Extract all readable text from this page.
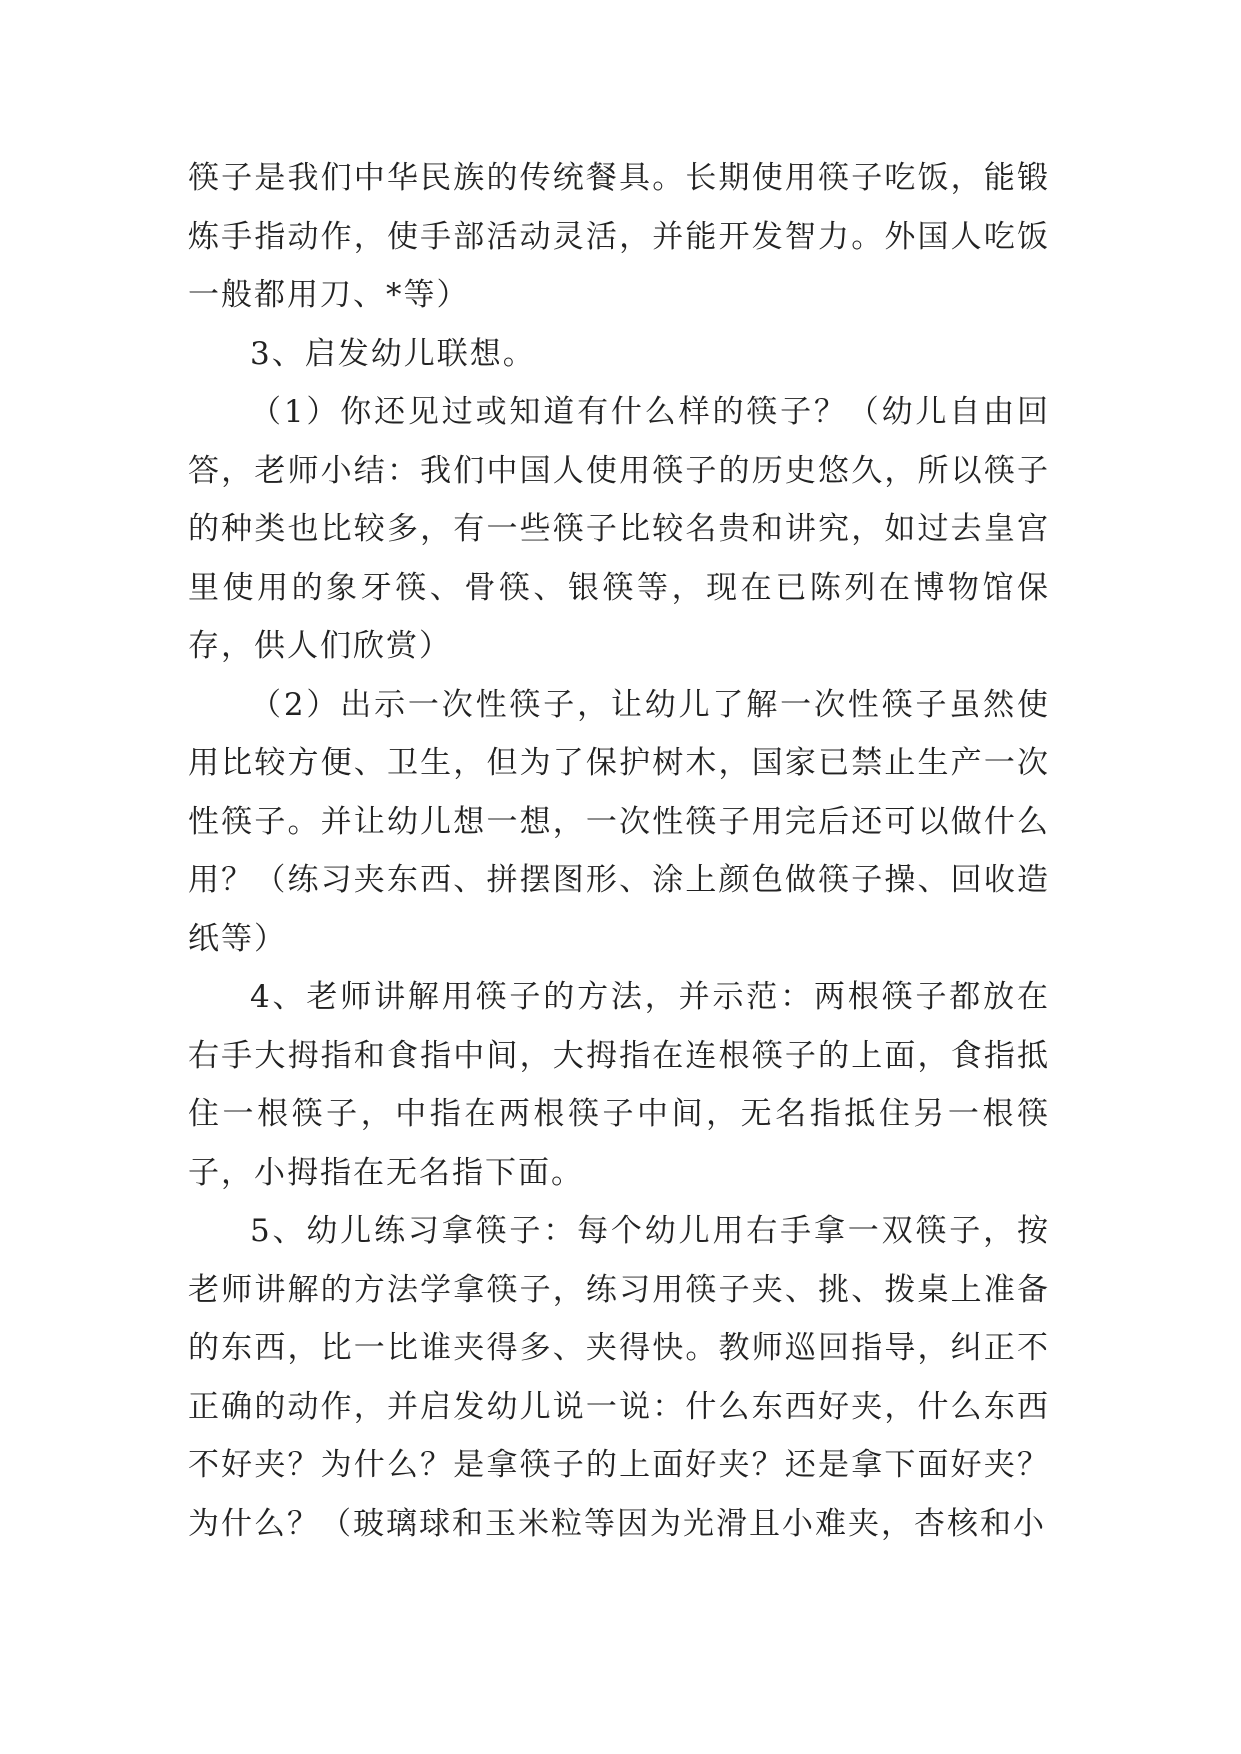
筷子是我们中华民族的传统餐具。长期使用筷子吃饭，能锻炼手指动作，使手部活动灵活，并能开发智力。外国人吃饭一般都用刀、*等）

3、启发幼儿联想。

（1）你还见过或知道有什么样的筷子？（幼儿自由回答，老师小结：我们中国人使用筷子的历史悠久，所以筷子的种类也比较多，有一些筷子比较名贵和讲究，如过去皇宫里使用的象牙筷、骨筷、银筷等，现在已陈列在博物馆保存，供人们欣赏）

（2）出示一次性筷子，让幼儿了解一次性筷子虽然使用比较方便、卫生，但为了保护树木，国家已禁止生产一次性筷子。并让幼儿想一想，一次性筷子用完后还可以做什么用？（练习夹东西、拼摆图形、涂上颜色做筷子操、回收造纸等）

4、老师讲解用筷子的方法，并示范：两根筷子都放在右手大拇指和食指中间，大拇指在连根筷子的上面，食指抵住一根筷子，中指在两根筷子中间，无名指抵住另一根筷子，小拇指在无名指下面。

5、幼儿练习拿筷子：每个幼儿用右手拿一双筷子，按老师讲解的方法学拿筷子，练习用筷子夹、挑、拨桌上准备的东西，比一比谁夹得多、夹得快。教师巡回指导，纠正不正确的动作，并启发幼儿说一说：什么东西好夹，什么东西不好夹？为什么？是拿筷子的上面好夹？还是拿下面好夹？为什么？（玻璃球和玉米粒等因为光滑且小难夹，杏核和小
